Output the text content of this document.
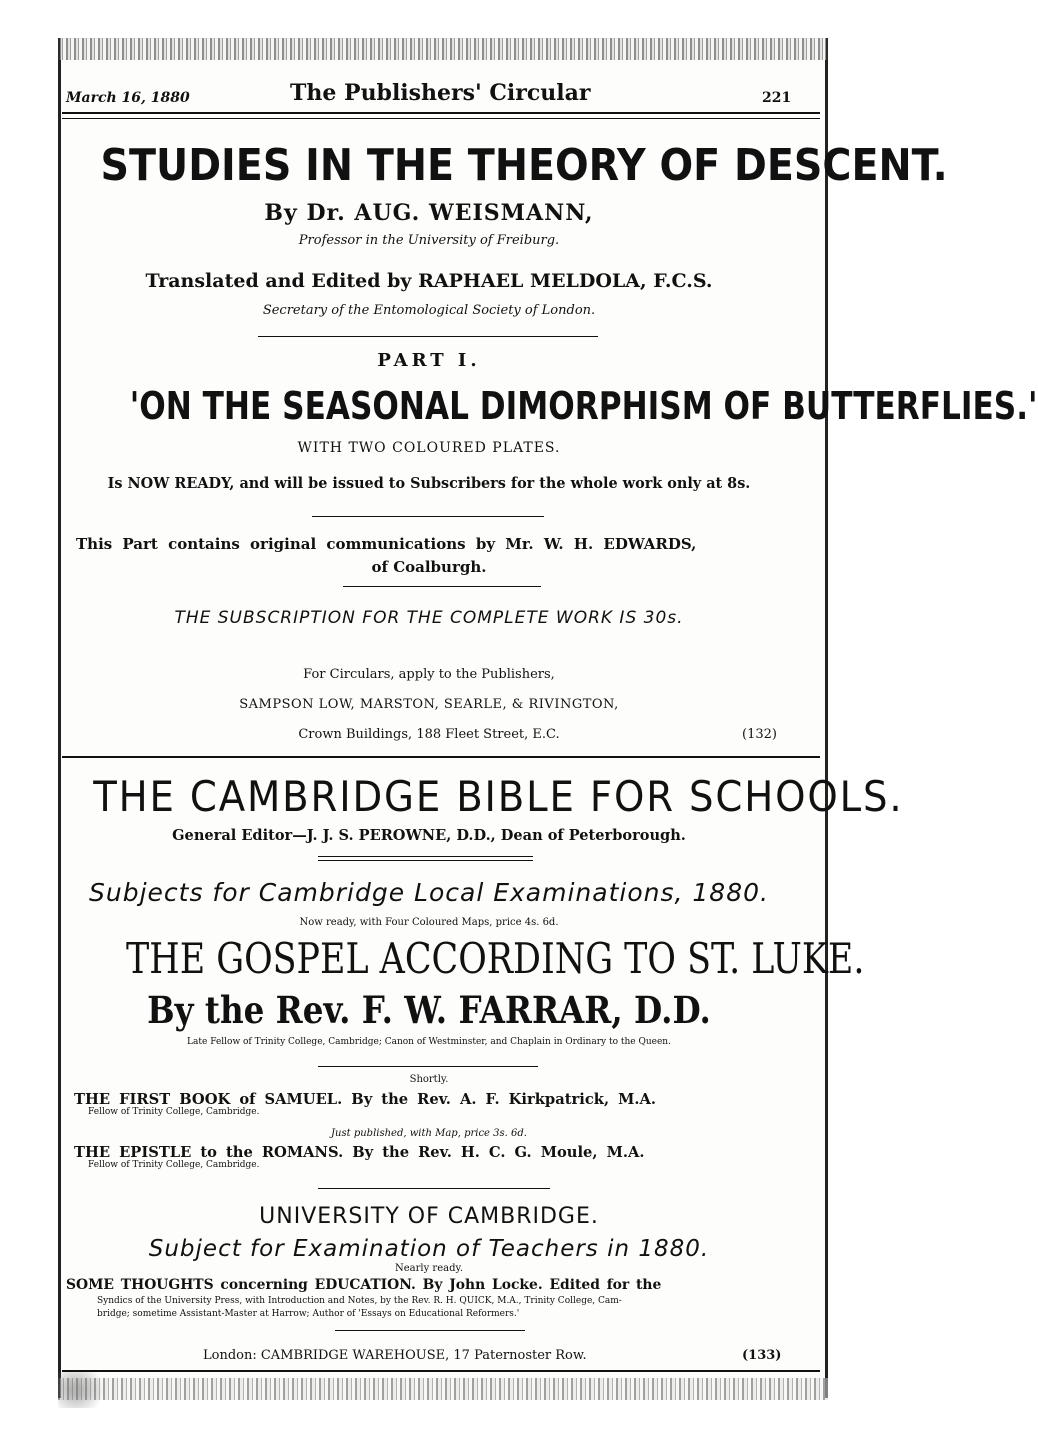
March 16, 1880	The Publishers' Circular	221
STUDIES IN THE THEORY OF DESCENT.
By Dr. AUG. WEISMANN,
Professor in the University of Freiburg.
Translated and Edited by RAPHAEL MELDOLA, F.C.S.
Secretary of the Entomological Society of London.
PART I.
'ON THE SEASONAL DIMORPHISM OF BUTTERFLIES.'
WITH TWO COLOURED PLATES.
Is NOW READY, and will be issued to Subscribers for the whole work only at 8s.
This Part contains original communications by Mr. W. H. EDWARDS,
of Coalburgh.
THE SUBSCRIPTION FOR THE COMPLETE WORK IS 30s.
For Circulars, apply to the Publishers,
SAMPSON LOW, MARSTON, SEARLE, & RIVINGTON,
Crown Buildings, 188 Fleet Street, E.C.	(132)
THE CAMBRIDGE BIBLE FOR SCHOOLS.
General Editor—J. J. S. PEROWNE, D.D., Dean of Peterborough.
Subjects for Cambridge Local Examinations, 1880.
Now ready, with Four Coloured Maps, price 4s. 6d.
THE GOSPEL ACCORDING TO ST. LUKE.
By the Rev. F. W. FARRAR, D.D.
Late Fellow of Trinity College, Cambridge; Canon of Westminster, and Chaplain in Ordinary to the Queen.
Shortly.
THE FIRST BOOK of SAMUEL. By the Rev. A. F. Kirkpatrick, M.A.
Fellow of Trinity College, Cambridge.
Just published, with Map, price 3s. 6d.
THE EPISTLE to the ROMANS. By the Rev. H. C. G. Moule, M.A.
Fellow of Trinity College, Cambridge.
UNIVERSITY OF CAMBRIDGE.
Subject for Examination of Teachers in 1880.
Nearly ready.
SOME THOUGHTS concerning EDUCATION. By John Locke. Edited for the
Syndics of the University Press, with Introduction and Notes, by the Rev. R. H. QUICK, M.A., Trinity College, Cam-
bridge; sometime Assistant-Master at Harrow; Author of 'Essays on Educational Reformers.'
London: CAMBRIDGE WAREHOUSE, 17 Paternoster Row.	(133)
